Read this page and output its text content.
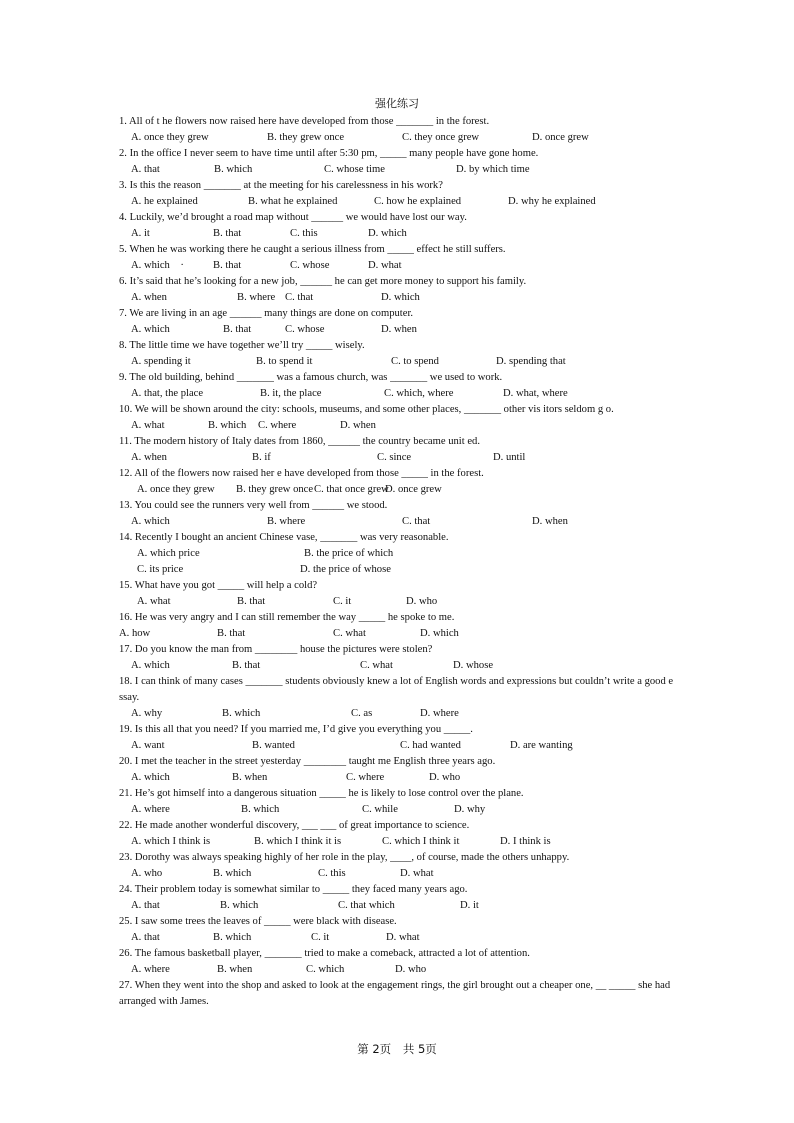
强化练习
1. All of t he flowers now raised here have developed from those _______ in the forest.
A. once they grew	B. they grew once	C. they once grew	D. once grew
2. In the office I never seem to have time until after 5:30 pm, _____ many people have gone home.
A. that	B. which	C. whose time	D. by which time
3. Is this the reason _______ at the meeting for his carelessness in his work?
A. he explained	B. what he explained	C. how he explained	D. why he explained
4. Luckily, we’d brought a road map without ______ we would have lost our way.
A. it	B. that	C. this	D. which
5. When he was working there he caught a serious illness from _____ effect he still suffers.
A. which　·	B. that	C. whose	D. what
6. It’s said that he’s looking for a new job, ______ he can get more money to support his family.
A. when	B. where C. that	D. which
7. We are living in an age ______ many things are done on computer.
A. which	B. that	C. whose	D. when
8. The little time we have together we’ll try _____ wisely.
A. spending it	B. to spend it	C. to spend	D. spending that
9. The old building, behind _______ was a famous church, was _______ we used to work.
A. that, the place	B. it, the place	C. which, where	D. what, where
10. We will be shown around the city: schools, museums, and some other places, _______ other vis itors seldom g o.
A. what	B. which C. where	D. when
11. The modern history of Italy dates from 1860, ______ the country became unit ed.
A. when	B. if	C. since	D. until
12. All of the flowers now raised her e have developed from those _____ in the forest.
A. once they grew B. they grew once C. that once grew
D. once grew
13. You could see the runners very well from ______ we stood.
A. which	B. where	C. that	D. when
14. Recently I bought an ancient Chinese vase, _______ was very reasonable.
A. which price	B. the price of which
C. its price	D. the price of whose
15. What have you got _____ will help a cold?
A. what	B. that	C. it	D. who
16. He was very angry and I can still remember the way _____ he spoke to me.
A. how	B. that	C. what	D. which
17. Do you know the man from ________ house the pictures were stolen?
A. which	B. that	C. what	D. whose
18. I can think of many cases _______ students obviously knew a lot of English words and expressions but couldn’t write a good essay.
A. why	B. which	C. as	D. where
19. Is this all that you need? If you married me, I’d give you everything you _____.
A. want	B. wanted	C. had wanted	D. are wanting
20. I met the teacher in the street yesterday ________ taught me English three years ago.
A. which	B. when	C. where	D. who
21. He’s got himself into a dangerous situation _____ he is likely to lose control over the plane.
A. where	B. which	C. while	D. why
22. He made another wonderful discovery, ___ ___ of great importance to science.
A. which I think is	B. which I think it is	C. which I think it	D. I think is
23. Dorothy was always speaking highly of her role in the play, ____, of course, made the others unhappy.
A. who	B. which	C. this	D. what
24. Their problem today is somewhat similar to _____ they faced many years ago.
A. that	B. which	C. that which	D. it
25. I saw some trees the leaves of _____ were black with disease.
A. that	B. which	C. it	D. what
26. The famous basketball player, _______ tried to make a comeback, attracted a lot of attention.
A. where	B. when	C. which	D. who
27. When they went into the shop and asked to look at the engagement rings, the girl brought out a cheaper one, __ _____ she had arranged with James.
第 2页 共 5页
